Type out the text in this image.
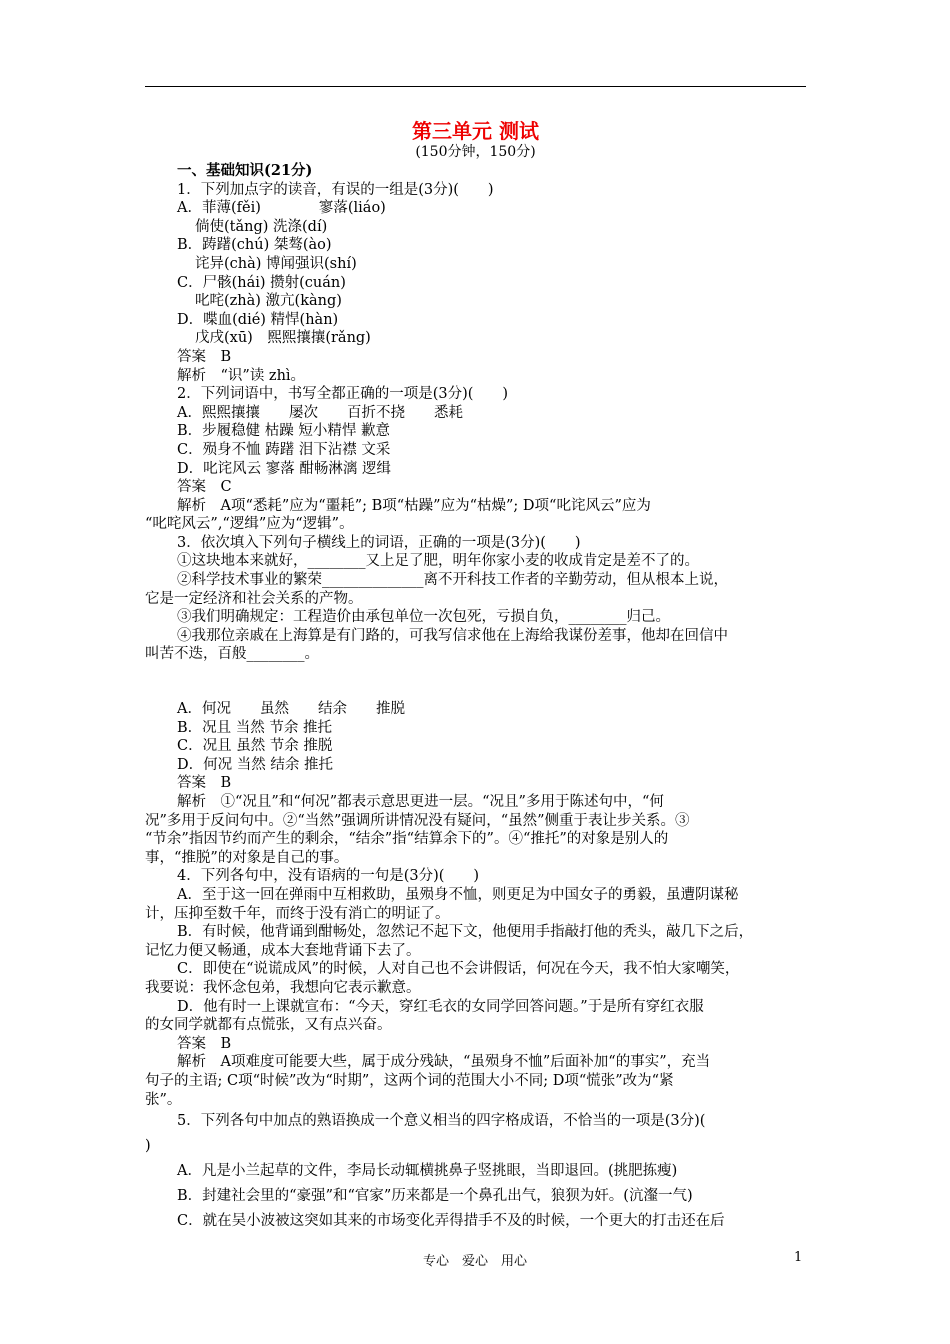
第三单元 测试

(150分钟，150分)

一、基础知识(21分)

1．下列加点字的读音，有误的一组是(3分)(　　)

A．菲薄(fěi)　　　　寥落(liáo)

倘使(tǎng) 洗涤(dí)

B．踌躇(chú) 桀骜(ào)

诧异(chà) 博闻强识(shí)

C．尸骸(hái) 攒射(cuán)

叱咤(zhà) 激亢(kàng)

D．喋血(dié) 精悍(hàn)

戊戌(xū)　熙熙攘攘(rǎng)

答案　B

解析　“识”读 zhì。

2．下列词语中，书写全都正确的一项是(3分)(　　)

A．熙熙攘攘　　屡次　　百折不挠　　悉耗

B．步履稳健 枯躁 短小精悍 歉意

C．殒身不恤 踌躇 泪下沾襟 文采

D．叱诧风云 寥落 酣畅淋漓 逻缉

答案　C

解析　A项“悉耗”应为“噩耗”; B项“枯躁”应为“枯燥”; D项“叱诧风云”应为

“叱咤风云”,“逻缉”应为“逻辑”。

3．依次填入下列句子横线上的词语，正确的一项是(3分)(　　)

①这块地本来就好，________又上足了肥，明年你家小麦的收成肯定是差不了的。

②科学技术事业的繁荣______________离不开科技工作者的辛勤劳动，但从根本上说，

它是一定经济和社会关系的产物。

③我们明确规定：工程造价由承包单位一次包死，亏损自负，________归己。

④我那位亲戚在上海算是有门路的，可我写信求他在上海给我谋份差事，他却在回信中

叫苦不迭，百般________。

A．何况　　虽然　　结余　　推脱

B．况且 当然 节余 推托

C．况且 虽然 节余 推脱

D．何况 当然 结余 推托

答案　B

解析　①“况且”和“何况”都表示意思更进一层。“况且”多用于陈述句中，“何

况”多用于反问句中。②“当然”强调所讲情况没有疑问，“虽然”侧重于表让步关系。③

“节余”指因节约而产生的剩余，“结余”指“结算余下的”。④“推托”的对象是别人的

事，“推脱”的对象是自己的事。

4．下列各句中，没有语病的一句是(3分)(　　)

A．至于这一回在弹雨中互相救助，虽殒身不恤，则更足为中国女子的勇毅，虽遭阴谋秘

计，压抑至数千年，而终于没有消亡的明证了。

B．有时候，他背诵到酣畅处，忽然记不起下文，他便用手指敲打他的秃头，敲几下之后，

记忆力便又畅通，成本大套地背诵下去了。

C．即使在“说谎成风”的时候，人对自己也不会讲假话，何况在今天，我不怕大家嘲笑，

我要说：我怀念包弟，我想向它表示歉意。

D．他有时一上课就宣布：“今天，穿红毛衣的女同学回答问题。”于是所有穿红衣服

的女同学就都有点慌张，又有点兴奋。

答案　B

解析　A项难度可能要大些，属于成分残缺，“虽殒身不恤”后面补加“的事实”，充当

句子的主语; C项“时候”改为“时期”，这两个词的范围大小不同; D项“慌张”改为“紧

张”。

5．下列各句中加点的熟语换成一个意义相当的四字格成语，不恰当的一项是(3分)(

)

A．凡是小兰起草的文件，李局长动辄横挑鼻子竖挑眼，当即退回。(挑肥拣瘦)

B．封建社会里的“豪强”和“官家”历来都是一个鼻孔出气，狼狈为奸。(沆瀣一气)

C．就在吴小波被这突如其来的市场变化弄得措手不及的时候，一个更大的打击还在后

专心　爱心　用心	1
